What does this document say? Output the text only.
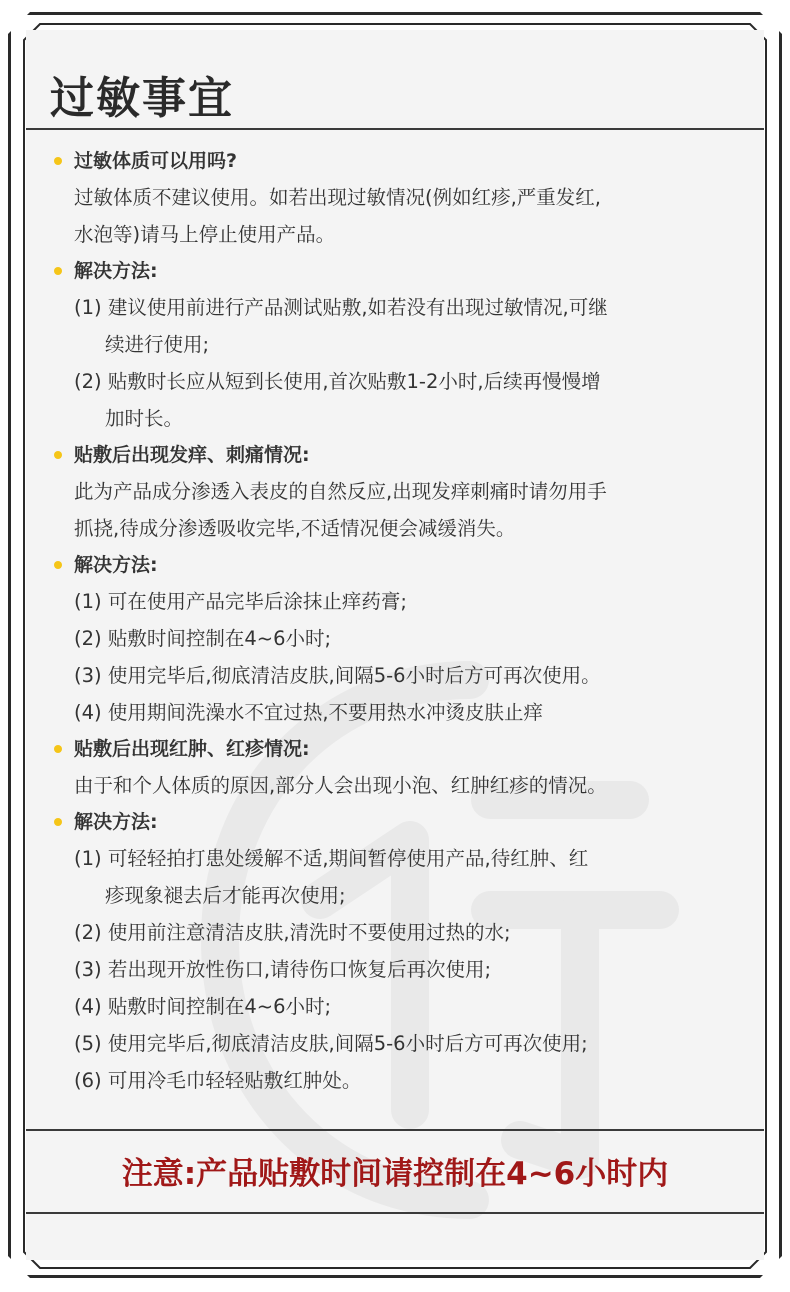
过敏事宜
过敏体质可以用吗?
过敏体质不建议使用。如若出现过敏情况(例如红疹,严重发红,
水泡等)请马上停止使用产品。
解决方法:
(1) 建议使用前进行产品测试贴敷,如若没有出现过敏情况,可继
续进行使用;
(2) 贴敷时长应从短到长使用,首次贴敷1-2小时,后续再慢慢增
加时长。
贴敷后出现发痒、刺痛情况:
此为产品成分渗透入表皮的自然反应,出现发痒刺痛时请勿用手
抓挠,待成分渗透吸收完毕,不适情况便会减缓消失。
解决方法:
(1) 可在使用产品完毕后涂抹止痒药膏;
(2) 贴敷时间控制在4~6小时;
(3) 使用完毕后,彻底清洁皮肤,间隔5-6小时后方可再次使用。
(4) 使用期间洗澡水不宜过热,不要用热水冲烫皮肤止痒
贴敷后出现红肿、红疹情况:
由于和个人体质的原因,部分人会出现小泡、红肿红疹的情况。
解决方法:
(1) 可轻轻拍打患处缓解不适,期间暂停使用产品,待红肿、红
疹现象褪去后才能再次使用;
(2) 使用前注意清洁皮肤,清洗时不要使用过热的水;
(3) 若出现开放性伤口,请待伤口恢复后再次使用;
(4) 贴敷时间控制在4~6小时;
(5) 使用完毕后,彻底清洁皮肤,间隔5-6小时后方可再次使用;
(6) 可用冷毛巾轻轻贴敷红肿处。
注意:产品贴敷时间请控制在4~6小时内
